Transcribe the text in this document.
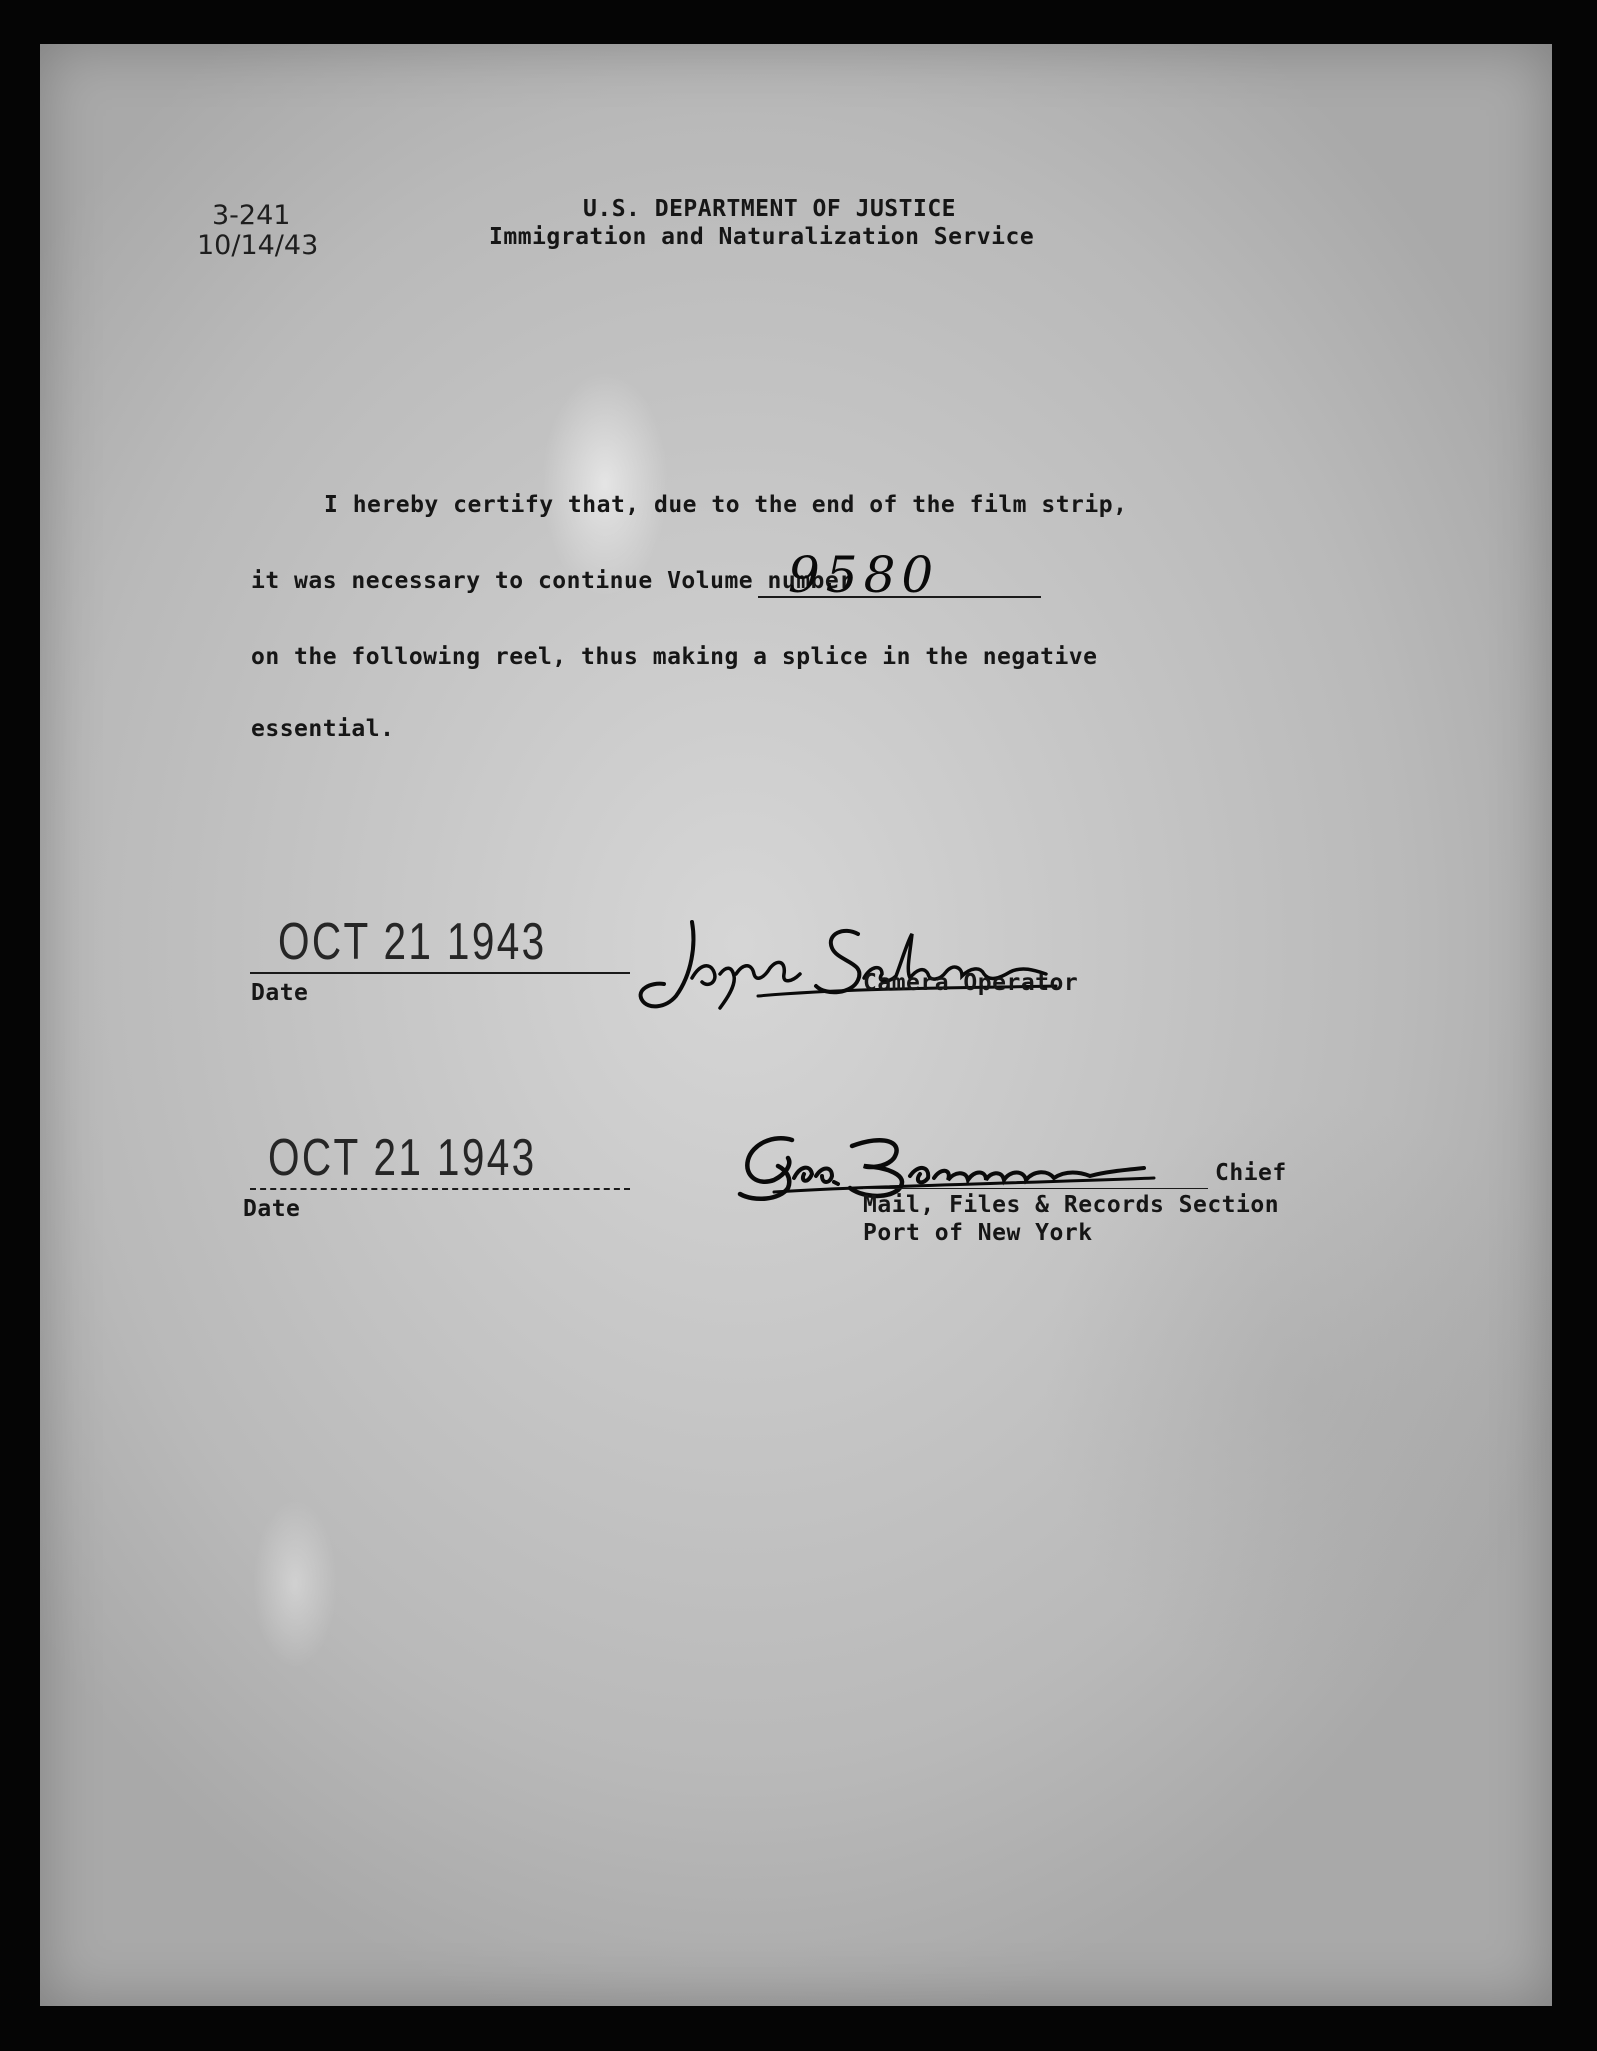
3-241

10/14/43

U.S. DEPARTMENT OF JUSTICE

Immigration and Naturalization Service

I hereby certify that, due to the end of the film strip,

it was necessary to continue Volume number

9580

on the following reel, thus making a splice in the negative

essential.

OCT 21 1943

Date	Camera Operator

OCT 21 1943

Date

Chief

Mail, Files & Records Section

Port of New York
